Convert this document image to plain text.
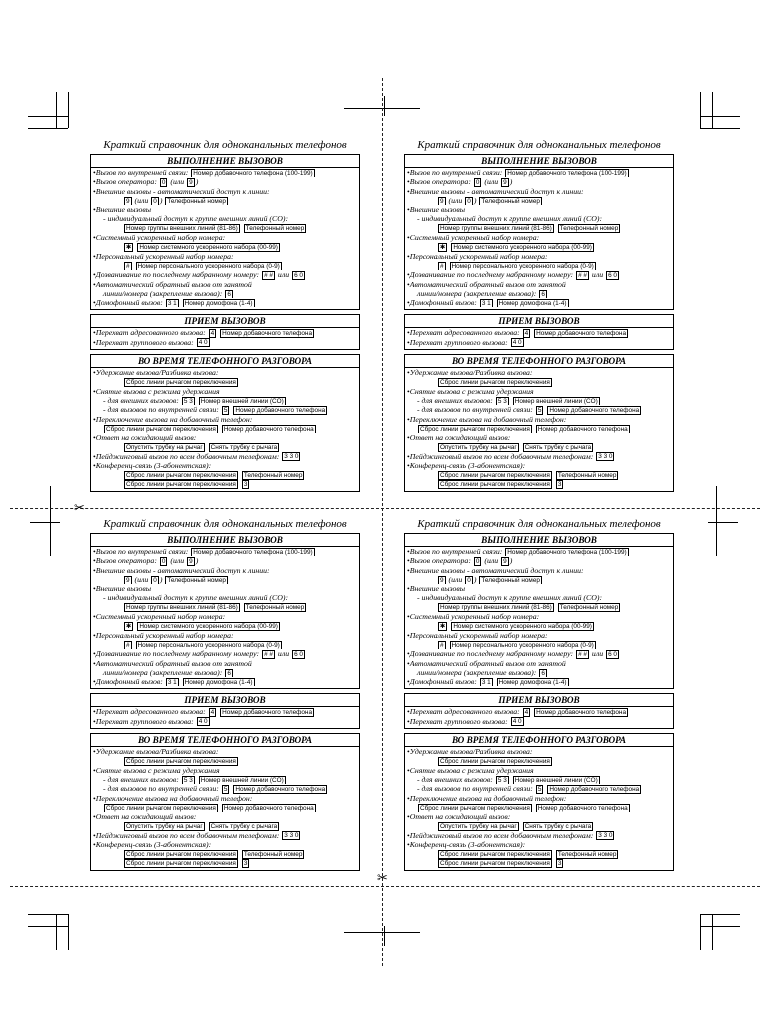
✂
✂
Краткий справочник для одноканальных телефонов
ВЫПОЛНЕНИЕ ВЫЗОВОВ
• Вызов по внутренней связи: Номер добавочного телефона (100-199)
• Вызов оператора: 0 (или 9 )
• Внешние вызовы - автоматический доступ к линии:
9 (или 0 ) Телефонный номер
• Внешние вызовы
- индивидуальный доступ к группе внешних линий (CO):
Номер группы внешних линий (81-86) Телефонный номер
• Системный ускоренный набор номера:
✱ Номер системного ускоренного набора (00-99)
• Персональный ускоренный набор номера:
# Номер персонального ускоренного набора (0-9)
• Дозванивание по последнему набранному номеру: # # или 6 0
• Автоматический обратный вызов от занятой
линии/номера (закрепление вызова): 6
• Домофонный вызов: 3 1 Номер домофона (1-4)
ПРИЕМ ВЫЗОВОВ
• Перехват адресованного вызова: 4 Номер добавочного телефона
• Перехват группового вызова: 4 0
ВО ВРЕМЯ ТЕЛЕФОННОГО РАЗГОВОРА
• Удержание вызова/Разбивка вызова:
Сброс линии рычагом переключения
• Снятие вызова с режима удержания
- для внешних вызовов: 5 3 Номер внешней линии (CO)
- для вызовов по внутренней связи: 5 Номер добавочного телефона
• Переключение вызова на добавочный телефон:
Сброс линии рычагом переключения Номер добавочного телефона
• Ответ на ожидающий вызов:
Опустить трубку на рычаг Снять трубку с рычага
• Пейджинговый вызов по всем добавочным телефонам: 3 3 0
• Конференц-связь (3-абонентская):
Сброс линии рычагом переключения Телефонный номер
Сброс линии рычагом переключения 3
Краткий справочник для одноканальных телефонов
ВЫПОЛНЕНИЕ ВЫЗОВОВ
• Вызов по внутренней связи: Номер добавочного телефона (100-199)
• Вызов оператора: 0 (или 9 )
• Внешние вызовы - автоматический доступ к линии:
9 (или 0 ) Телефонный номер
• Внешние вызовы
- индивидуальный доступ к группе внешних линий (CO):
Номер группы внешних линий (81-86) Телефонный номер
• Системный ускоренный набор номера:
✱ Номер системного ускоренного набора (00-99)
• Персональный ускоренный набор номера:
# Номер персонального ускоренного набора (0-9)
• Дозванивание по последнему набранному номеру: # # или 6 0
• Автоматический обратный вызов от занятой
линии/номера (закрепление вызова): 6
• Домофонный вызов: 3 1 Номер домофона (1-4)
ПРИЕМ ВЫЗОВОВ
• Перехват адресованного вызова: 4 Номер добавочного телефона
• Перехват группового вызова: 4 0
ВО ВРЕМЯ ТЕЛЕФОННОГО РАЗГОВОРА
• Удержание вызова/Разбивка вызова:
Сброс линии рычагом переключения
• Снятие вызова с режима удержания
- для внешних вызовов: 5 3 Номер внешней линии (CO)
- для вызовов по внутренней связи: 5 Номер добавочного телефона
• Переключение вызова на добавочный телефон:
Сброс линии рычагом переключения Номер добавочного телефона
• Ответ на ожидающий вызов:
Опустить трубку на рычаг Снять трубку с рычага
• Пейджинговый вызов по всем добавочным телефонам: 3 3 0
• Конференц-связь (3-абонентская):
Сброс линии рычагом переключения Телефонный номер
Сброс линии рычагом переключения 3
Краткий справочник для одноканальных телефонов
ВЫПОЛНЕНИЕ ВЫЗОВОВ
• Вызов по внутренней связи: Номер добавочного телефона (100-199)
• Вызов оператора: 0 (или 9 )
• Внешние вызовы - автоматический доступ к линии:
9 (или 0 ) Телефонный номер
• Внешние вызовы
- индивидуальный доступ к группе внешних линий (CO):
Номер группы внешних линий (81-86) Телефонный номер
• Системный ускоренный набор номера:
✱ Номер системного ускоренного набора (00-99)
• Персональный ускоренный набор номера:
# Номер персонального ускоренного набора (0-9)
• Дозванивание по последнему набранному номеру: # # или 6 0
• Автоматический обратный вызов от занятой
линии/номера (закрепление вызова): 6
• Домофонный вызов: 3 1 Номер домофона (1-4)
ПРИЕМ ВЫЗОВОВ
• Перехват адресованного вызова: 4 Номер добавочного телефона
• Перехват группового вызова: 4 0
ВО ВРЕМЯ ТЕЛЕФОННОГО РАЗГОВОРА
• Удержание вызова/Разбивка вызова:
Сброс линии рычагом переключения
• Снятие вызова с режима удержания
- для внешних вызовов: 5 3 Номер внешней линии (CO)
- для вызовов по внутренней связи: 5 Номер добавочного телефона
• Переключение вызова на добавочный телефон:
Сброс линии рычагом переключения Номер добавочного телефона
• Ответ на ожидающий вызов:
Опустить трубку на рычаг Снять трубку с рычага
• Пейджинговый вызов по всем добавочным телефонам: 3 3 0
• Конференц-связь (3-абонентская):
Сброс линии рычагом переключения Телефонный номер
Сброс линии рычагом переключения 3
Краткий справочник для одноканальных телефонов
ВЫПОЛНЕНИЕ ВЫЗОВОВ
• Вызов по внутренней связи: Номер добавочного телефона (100-199)
• Вызов оператора: 0 (или 9 )
• Внешние вызовы - автоматический доступ к линии:
9 (или 0 ) Телефонный номер
• Внешние вызовы
- индивидуальный доступ к группе внешних линий (CO):
Номер группы внешних линий (81-86) Телефонный номер
• Системный ускоренный набор номера:
✱ Номер системного ускоренного набора (00-99)
• Персональный ускоренный набор номера:
# Номер персонального ускоренного набора (0-9)
• Дозванивание по последнему набранному номеру: # # или 6 0
• Автоматический обратный вызов от занятой
линии/номера (закрепление вызова): 6
• Домофонный вызов: 3 1 Номер домофона (1-4)
ПРИЕМ ВЫЗОВОВ
• Перехват адресованного вызова: 4 Номер добавочного телефона
• Перехват группового вызова: 4 0
ВО ВРЕМЯ ТЕЛЕФОННОГО РАЗГОВОРА
• Удержание вызова/Разбивка вызова:
Сброс линии рычагом переключения
• Снятие вызова с режима удержания
- для внешних вызовов: 5 3 Номер внешней линии (CO)
- для вызовов по внутренней связи: 5 Номер добавочного телефона
• Переключение вызова на добавочный телефон:
Сброс линии рычагом переключения Номер добавочного телефона
• Ответ на ожидающий вызов:
Опустить трубку на рычаг Снять трубку с рычага
• Пейджинговый вызов по всем добавочным телефонам: 3 3 0
• Конференц-связь (3-абонентская):
Сброс линии рычагом переключения Телефонный номер
Сброс линии рычагом переключения 3
